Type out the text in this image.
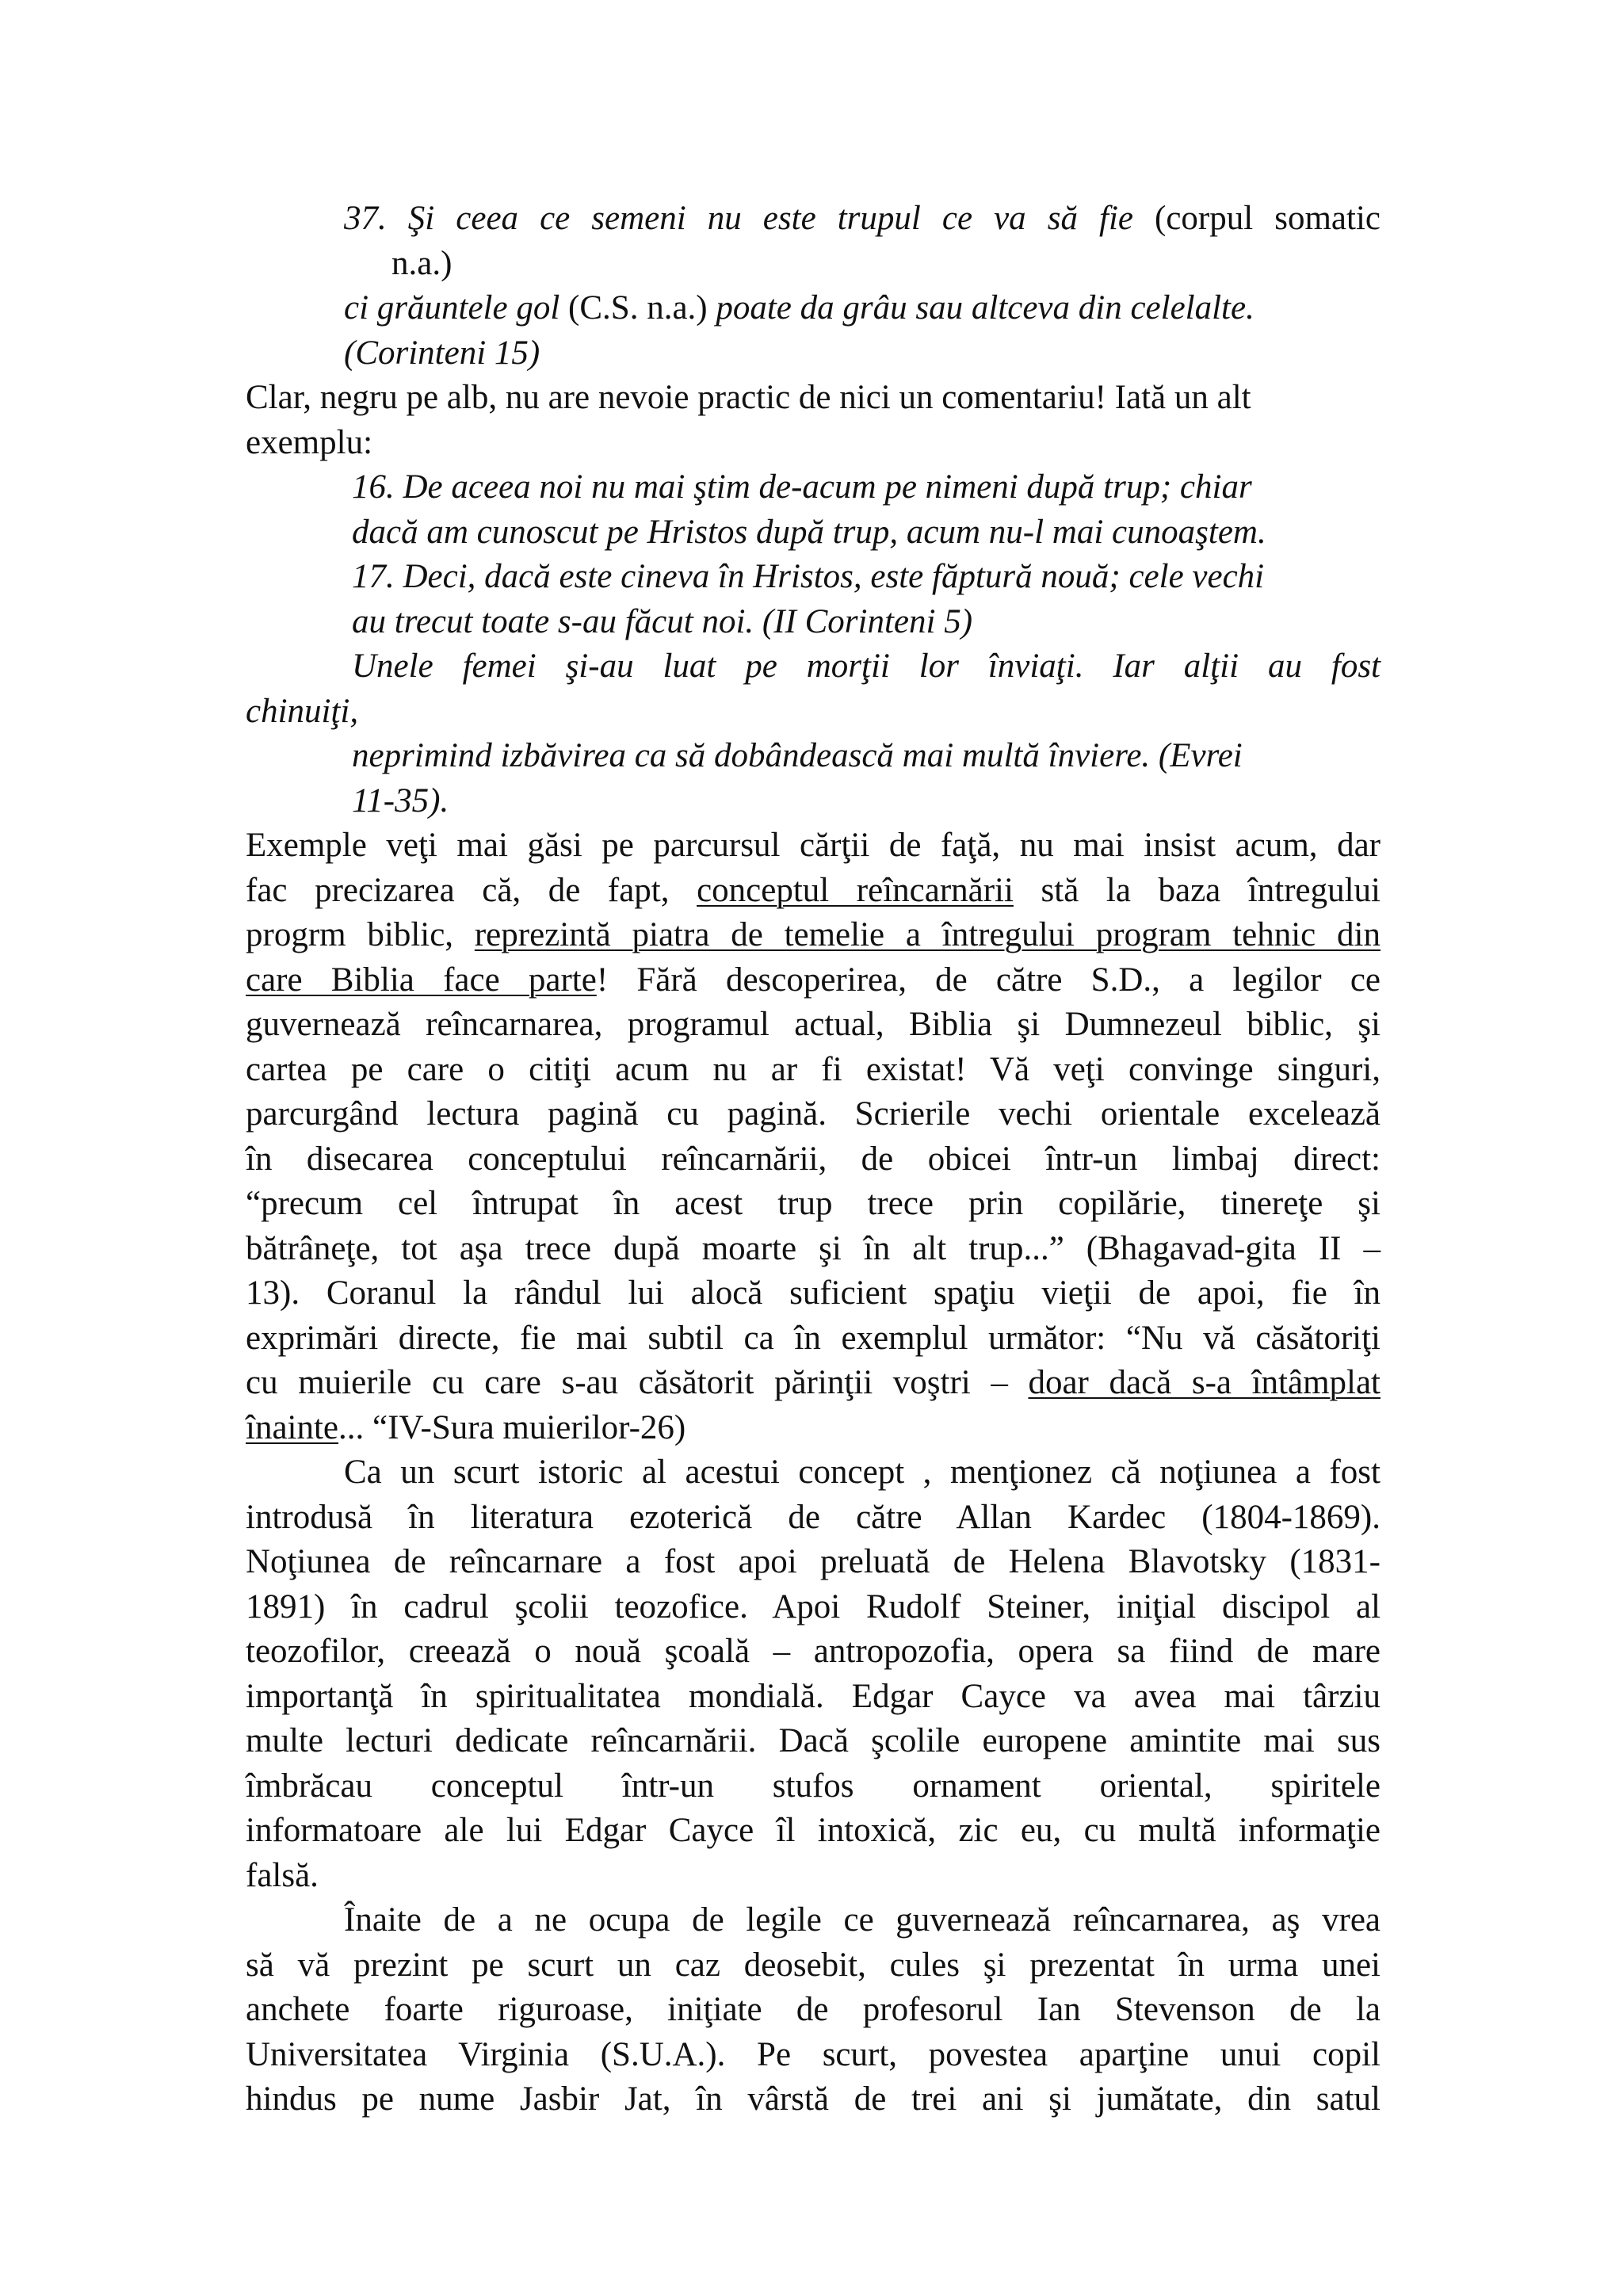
37. Şi ceea ce semeni nu este trupul ce va să fie (corpul somatic
n.a.)
ci grăuntele gol (C.S. n.a.) poate da grâu sau altceva din celelalte.
(Corinteni 15)
Clar, negru pe alb, nu are nevoie practic de nici un comentariu! Iată un alt
exemplu:
16. De aceea noi nu mai ştim de-acum pe nimeni după trup; chiar
dacă am cunoscut pe Hristos după trup, acum nu-l mai cunoaştem.
17. Deci, dacă este cineva în Hristos, este făptură nouă; cele vechi
au trecut toate s-au făcut noi. (II Corinteni 5)
Unele femei şi-au luat pe morţii lor înviaţi. Iar alţii au fost
chinuiţi,
neprimind izbăvirea ca să dobândească mai multă înviere. (Evrei
11-35).
Exemple veţi mai găsi pe parcursul cărţii de faţă, nu mai insist acum, dar
fac precizarea că, de fapt, conceptul reîncarnării stă la baza întregului
progrm biblic, reprezintă piatra de temelie a întregului program tehnic din
care Biblia face parte! Fără descoperirea, de către S.D., a legilor ce
guvernează reîncarnarea, programul actual, Biblia şi Dumnezeul biblic, şi
cartea pe care o citiţi acum nu ar fi existat! Vă veţi convinge singuri,
parcurgând lectura pagină cu pagină. Scrierile vechi orientale excelează
în disecarea conceptului reîncarnării, de obicei într-un limbaj direct:
“precum cel întrupat în acest trup trece prin copilărie, tinereţe şi
bătrâneţe, tot aşa trece după moarte şi în alt trup...” (Bhagavad-gita II –
13). Coranul la rândul lui alocă suficient spaţiu vieţii de apoi, fie în
exprimări directe, fie mai subtil ca în exemplul următor: “Nu vă căsătoriţi
cu muierile cu care s-au căsătorit părinţii voştri – doar dacă s-a întâmplat
înainte... “IV-Sura muierilor-26)
Ca un scurt istoric al acestui concept , menţionez că noţiunea a fost
introdusă în literatura ezoterică de către Allan Kardec (1804-1869).
Noţiunea de reîncarnare a fost apoi preluată de Helena Blavotsky (1831-
1891) în cadrul şcolii teozofice. Apoi Rudolf Steiner, iniţial discipol al
teozofilor, creează o nouă şcoală – antropozofia, opera sa fiind de mare
importanţă în spiritualitatea mondială. Edgar Cayce va avea mai târziu
multe lecturi dedicate reîncarnării. Dacă şcolile europene amintite mai sus
îmbrăcau conceptul într-un stufos ornament oriental, spiritele
informatoare ale lui Edgar Cayce îl intoxică, zic eu, cu multă informaţie
falsă.
Înaite de a ne ocupa de legile ce guvernează reîncarnarea, aş vrea
să vă prezint pe scurt un caz deosebit, cules şi prezentat în urma unei
anchete foarte riguroase, iniţiate de profesorul Ian Stevenson de la
Universitatea Virginia (S.U.A.). Pe scurt, povestea aparţine unui copil
hindus pe nume Jasbir Jat, în vârstă de trei ani şi jumătate, din satul
